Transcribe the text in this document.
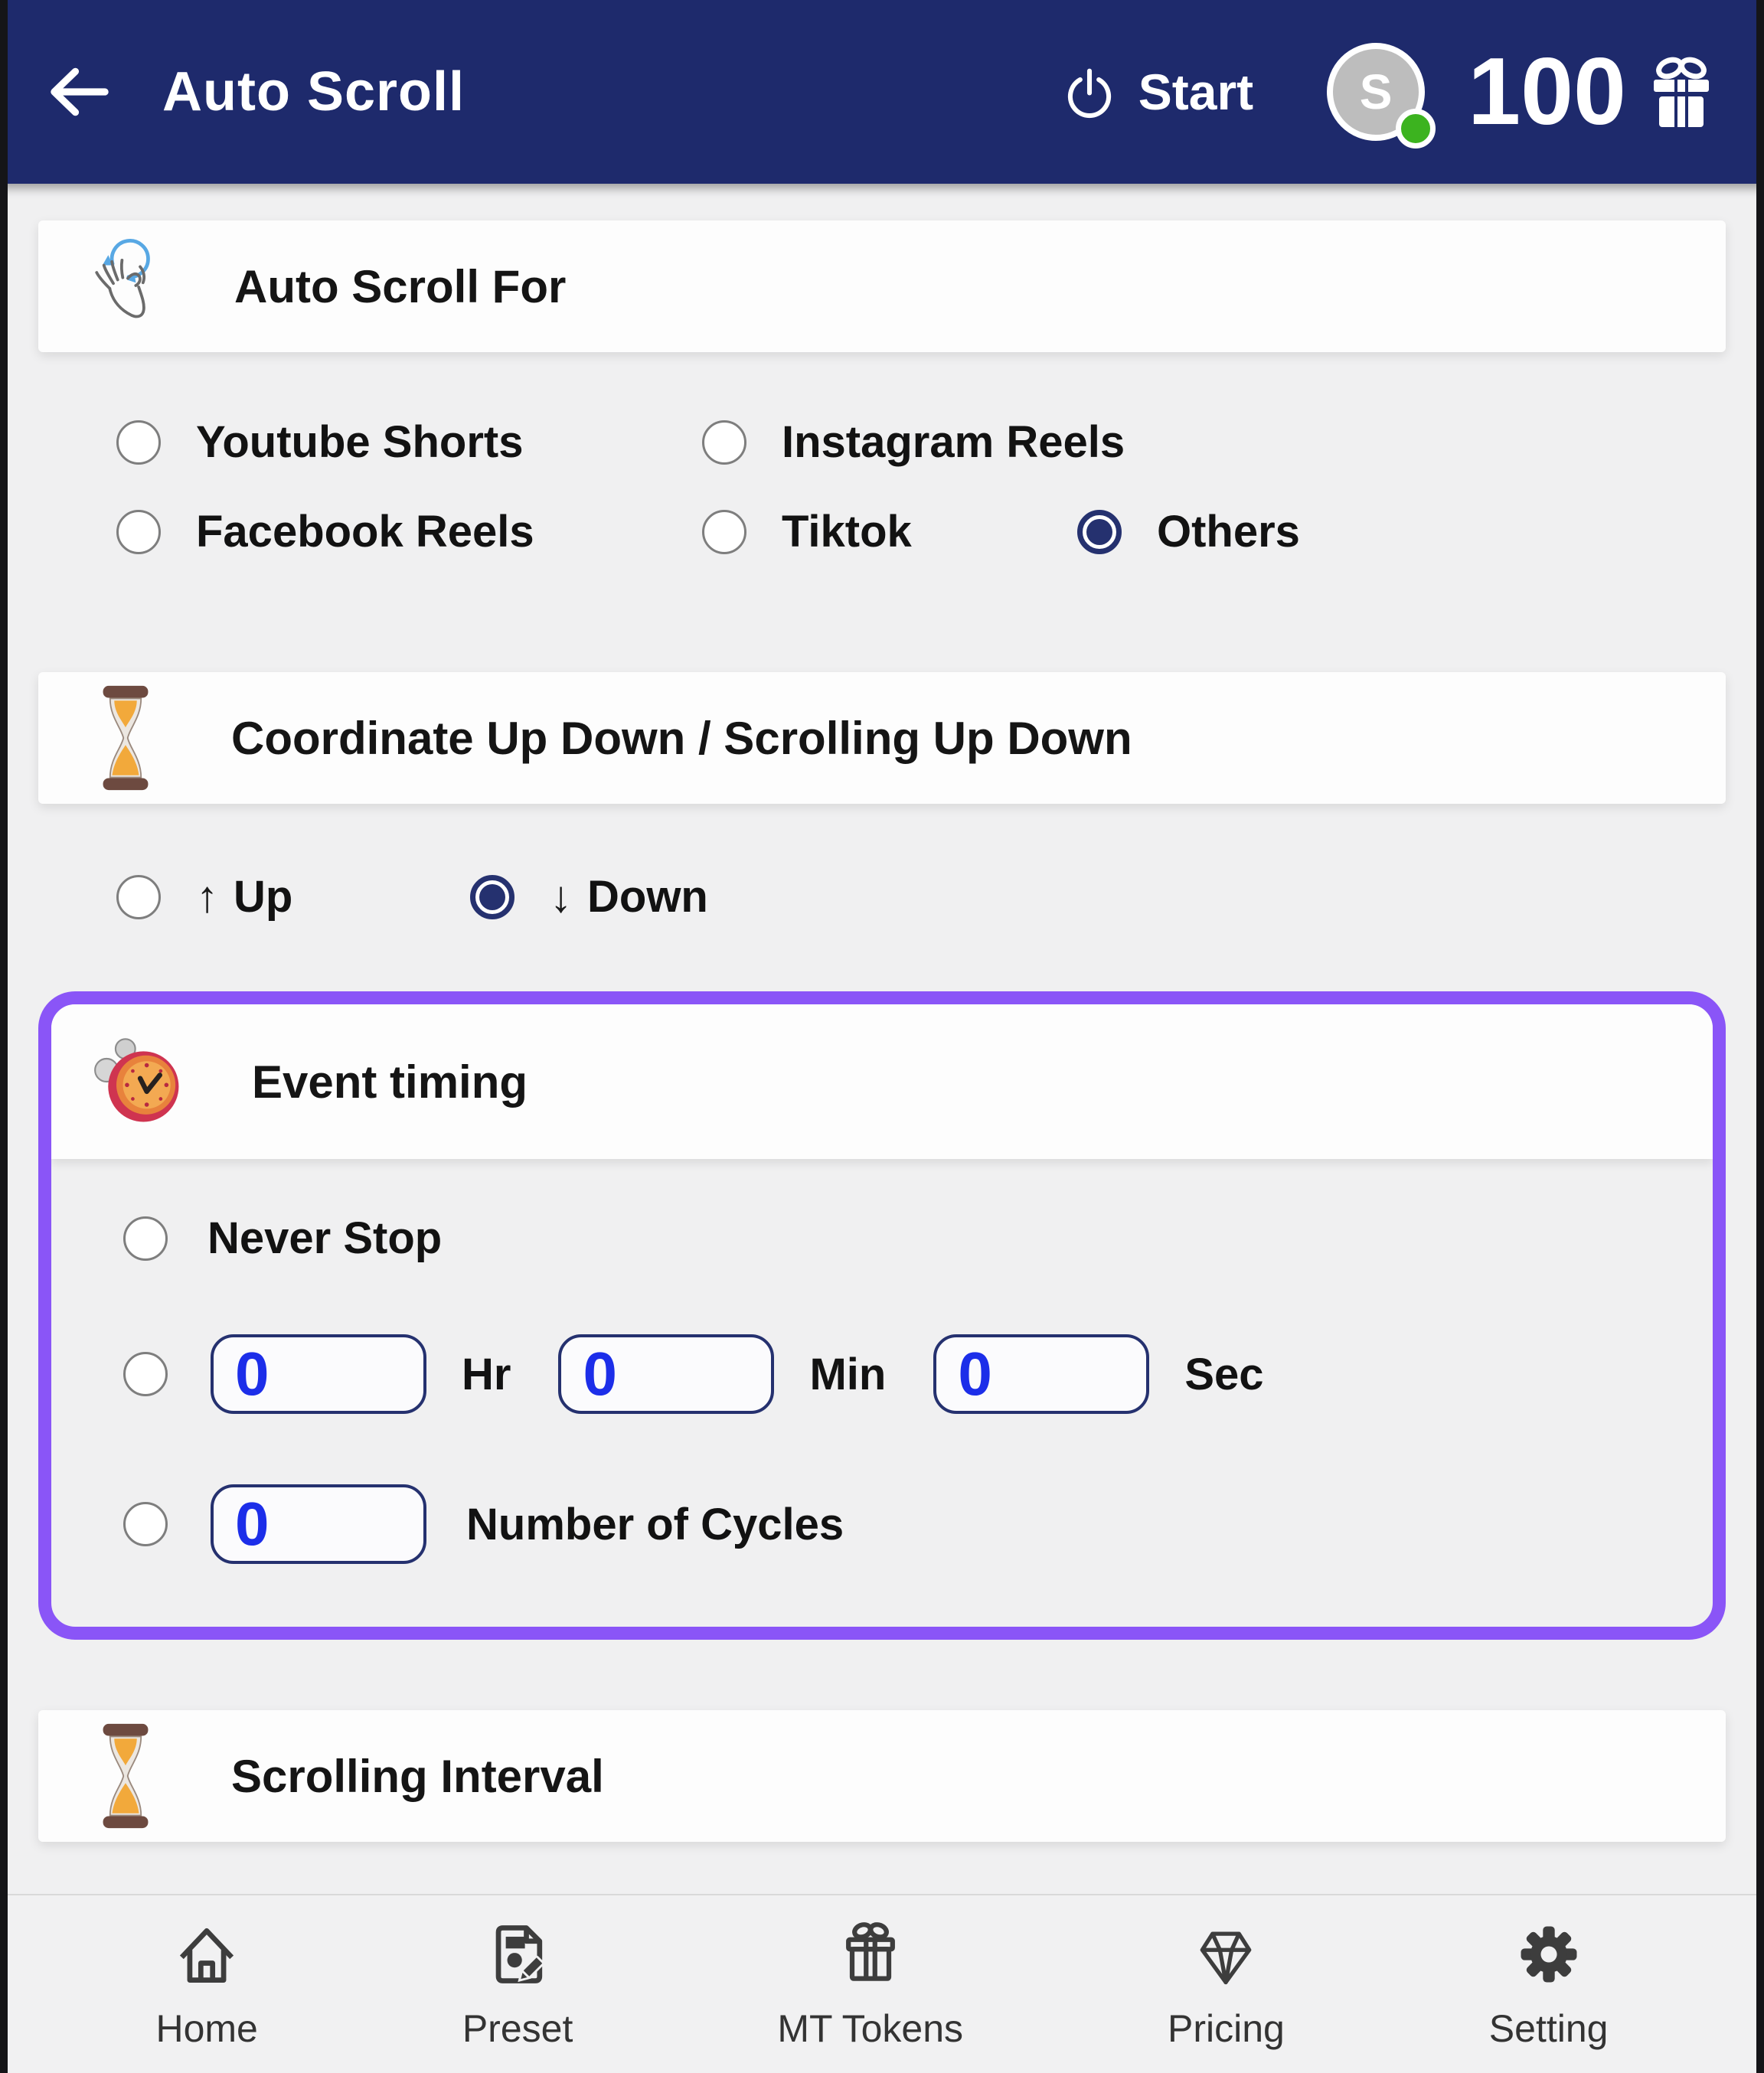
Auto Scroll	Start	S 100
Auto Scroll For
Youtube Shorts	Instagram Reels
Facebook Reels	Tiktok	Others
Coordinate Up Down / Scrolling Up Down
↑ Up	↓ Down
Event timing
Never Stop
0
Hr
0	Min
0	Sec
0
Number of Cycles
Scrolling Interval
0
Home	Preset	MT Tokens	Pricing	Setting
